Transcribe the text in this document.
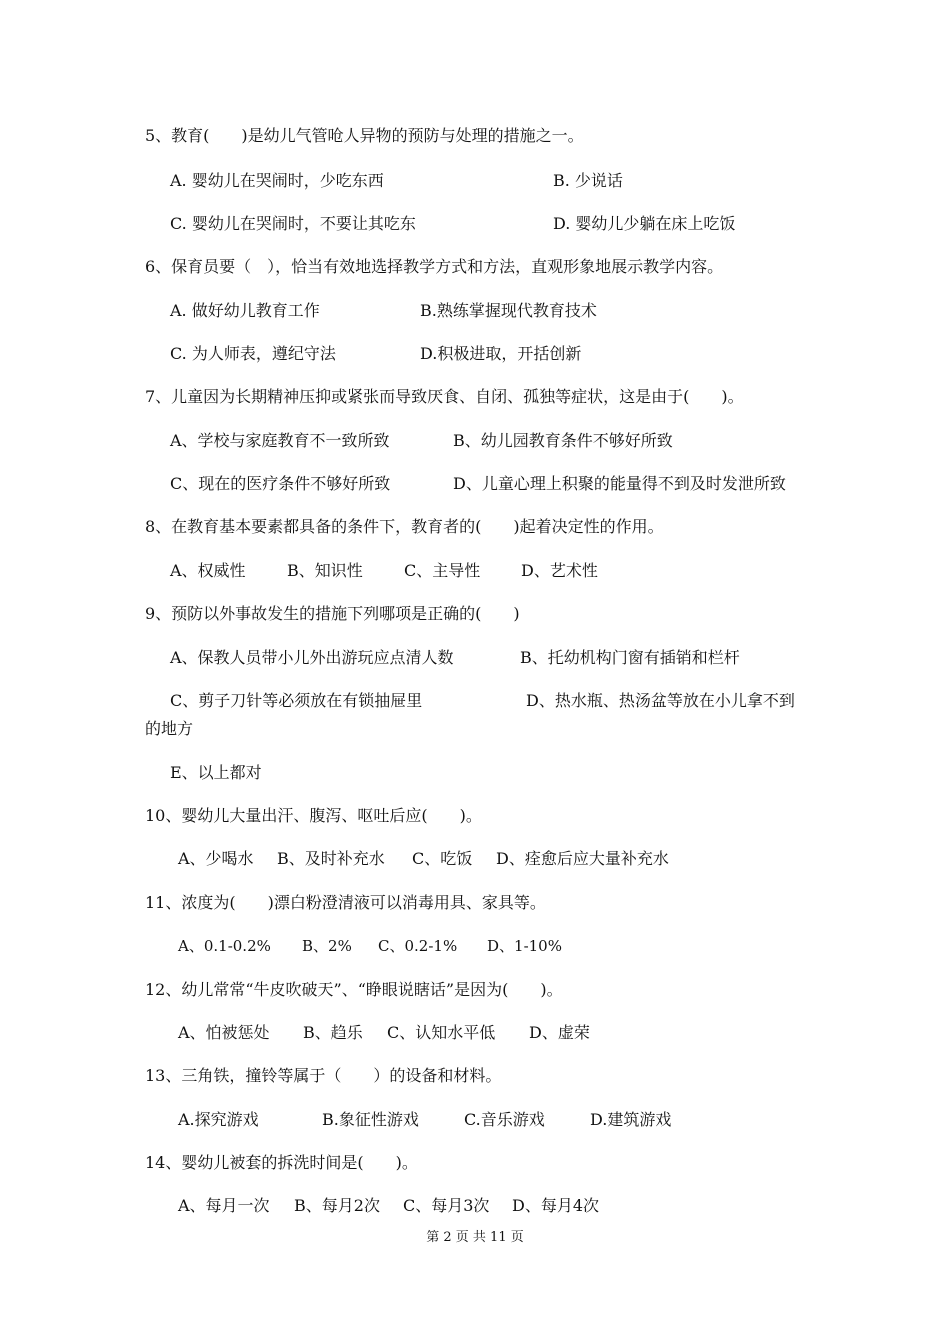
5、教育(　　)是幼儿气管呛人异物的预防与处理的措施之一。
A. 婴幼儿在哭闹时，少吃东西	B. 少说话
C. 婴幼儿在哭闹时，不要让其吃东	D. 婴幼儿少躺在床上吃饭
6、保育员要（　），恰当有效地选择教学方式和方法，直观形象地展示教学内容。
A. 做好幼儿教育工作	B.熟练掌握现代教育技术
C. 为人师表，遵纪守法	D.积极进取，开括创新
7、儿童因为长期精神压抑或紧张而导致厌食、自闭、孤独等症状，这是由于(　　)。
A、学校与家庭教育不一致所致	B、幼儿园教育条件不够好所致
C、现在的医疗条件不够好所致	D、儿童心理上积聚的能量得不到及时发泄所致
8、在教育基本要素都具备的条件下，教育者的(　　)起着决定性的作用。
A、权威性	B、知识性	C、主导性	D、艺术性
9、预防以外事故发生的措施下列哪项是正确的(　　)
A、保教人员带小儿外出游玩应点清人数	B、托幼机构门窗有插销和栏杆
C、剪子刀针等必须放在有锁抽屉里	D、热水瓶、热汤盆等放在小儿拿不到
的地方
E、以上都对
10、婴幼儿大量出汗、腹泻、呕吐后应(　　)。
A、少喝水 B、及时补充水 C、吃饭 D、痊愈后应大量补充水
11、浓度为(　　)漂白粉澄清液可以消毒用具、家具等。
A、0.1-0.2% B、2% C、0.2-1% D、1-10%
12、幼儿常常“牛皮吹破天”、“睁眼说瞎话”是因为(　　)。
A、怕被惩处 B、趋乐 C、认知水平低 D、虚荣
13、三角铁，撞铃等属于（　　）的设备和材料。
A.探究游戏	B.象征性游戏	C.音乐游戏	D.建筑游戏
14、婴幼儿被套的拆洗时间是(　　)。
A、每月一次 B、每月2次 C、每月3次 D、每月4次
第 2 页 共 11 页
